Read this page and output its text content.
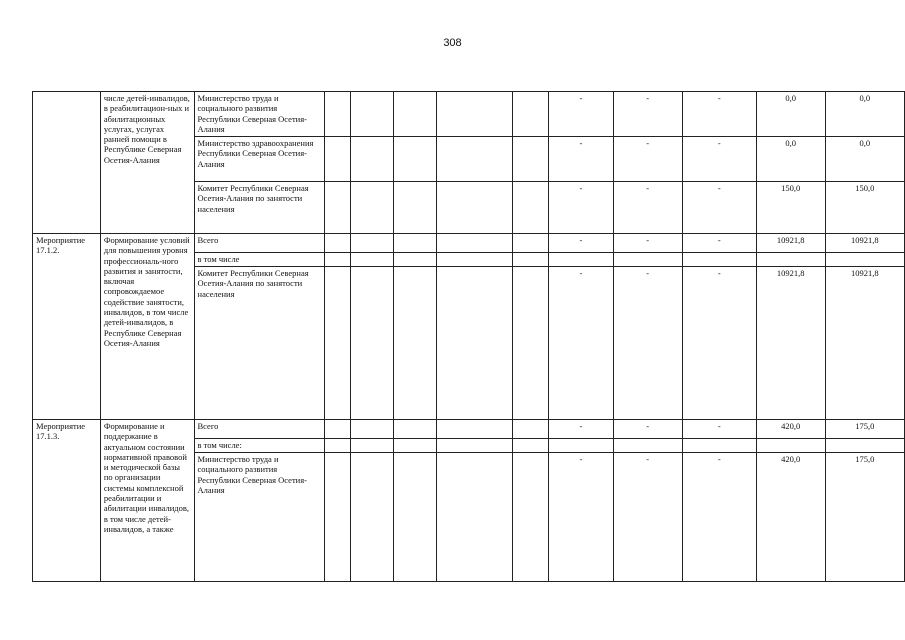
308
	числе детей-инвалидов, в реабилитацион-ных и абилитационных услугах, услугах ранней помощи в Республике Северная Осетия-Алания	Министерство труда и социального развития Республики Северная Осетия-Алания						-	-	-	0,0	0,0
		Министерство здравоохранения Республики Северная Осетия-Алания						-	-	-	0,0	0,0
		Комитет Республики Северная Осетия-Алания по занятости населения						-	-	-	150,0	150,0
Мероприятие 17.1.2.	Формирование условий для повышения уровня профессиональ-ного развития и занятости, включая сопровождаемое содействие занятости, инвалидов, в том числе детей-инвалидов, в Республике Северная Осетия-Алания	Всего						-	-	-	10921,8	10921,8
		в том числе										
		Комитет Республики Северная Осетия-Алания по занятости населения						-	-	-	10921,8	10921,8
Мероприятие 17.1.3.	Формирование и поддержание в актуальном состоянии нормативной правовой и методической базы по организации системы комплексной реабилитации и абилитации инвалидов, в том числе детей-инвалидов, а также	Всего						-	-	-	420,0	175,0
		в том числе:										
		Министерство труда и социального развития Республики Северная Осетия-Алания						-	-	-	420,0	175,0
